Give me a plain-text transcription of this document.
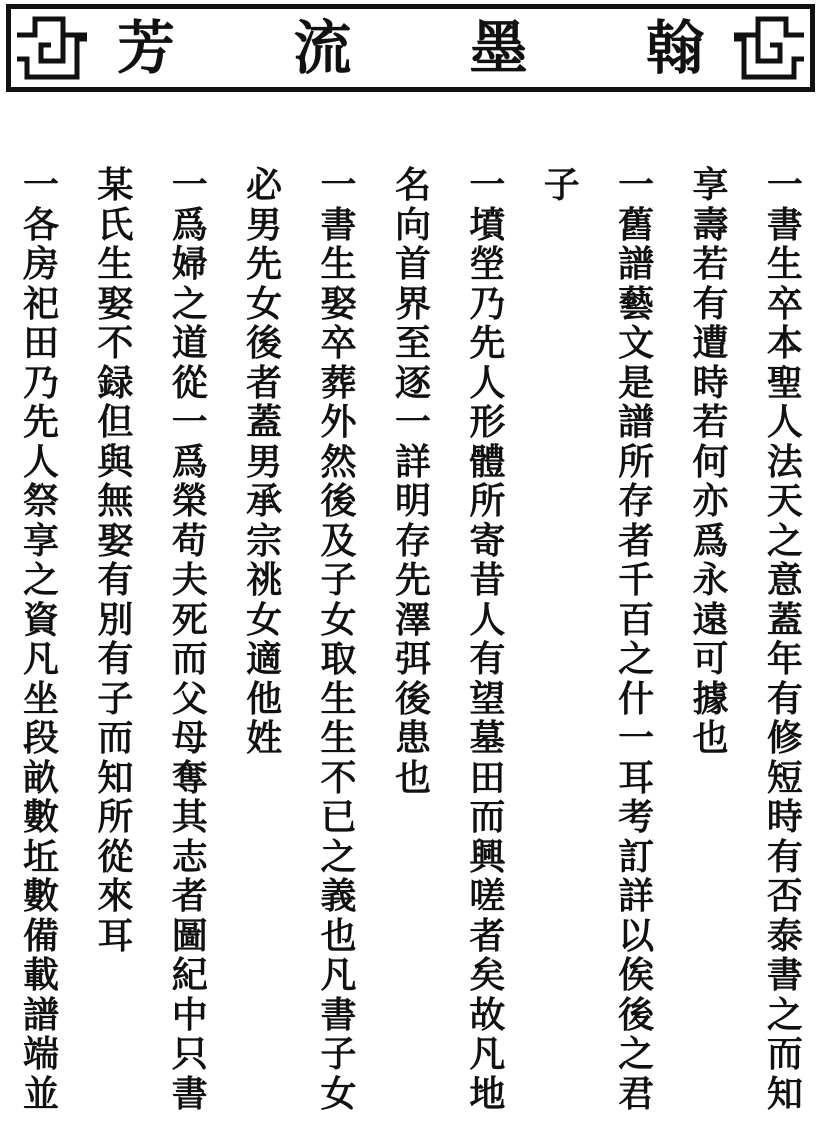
芳 流 墨 翰
一
書
生
卒
本
聖
人
法
天
之
意
蓋
年
有
修
短
時
有
否
泰
書
之
而
知
享
壽
若
有
遭
時
若
何
亦
爲
永
遠
可
據
也
一
舊
譜
藝
文
是
譜
所
存
者
千
百
之
什
一
耳
考
訂
詳
以
俟
後
之
君
子
一
墳
塋
乃
先
人
形
體
所
寄
昔
人
有
望
墓
田
而
興
嗟
者
矣
故
凡
地
名
向
首
界
至
逐
一
詳
明
存
先
澤
弭
後
患
也
一
書
生
娶
卒
葬
外
然
後
及
子
女
取
生
生
不
已
之
義
也
凡
書
子
女
必
男
先
女
後
者
蓋
男
承
宗
祧
女
適
他
姓
一
爲
婦
之
道
從
一
爲
榮
苟
夫
死
而
父
母
奪
其
志
者
圖
紀
中
只
書
某
氏
生
娶
不
録
但
與
無
娶
有
別
有
子
而
知
所
從
來
耳
一
各
房
祀
田
乃
先
人
祭
享
之
資
凡
坐
段
畝
數
坵
數
備
載
譜
端
並
